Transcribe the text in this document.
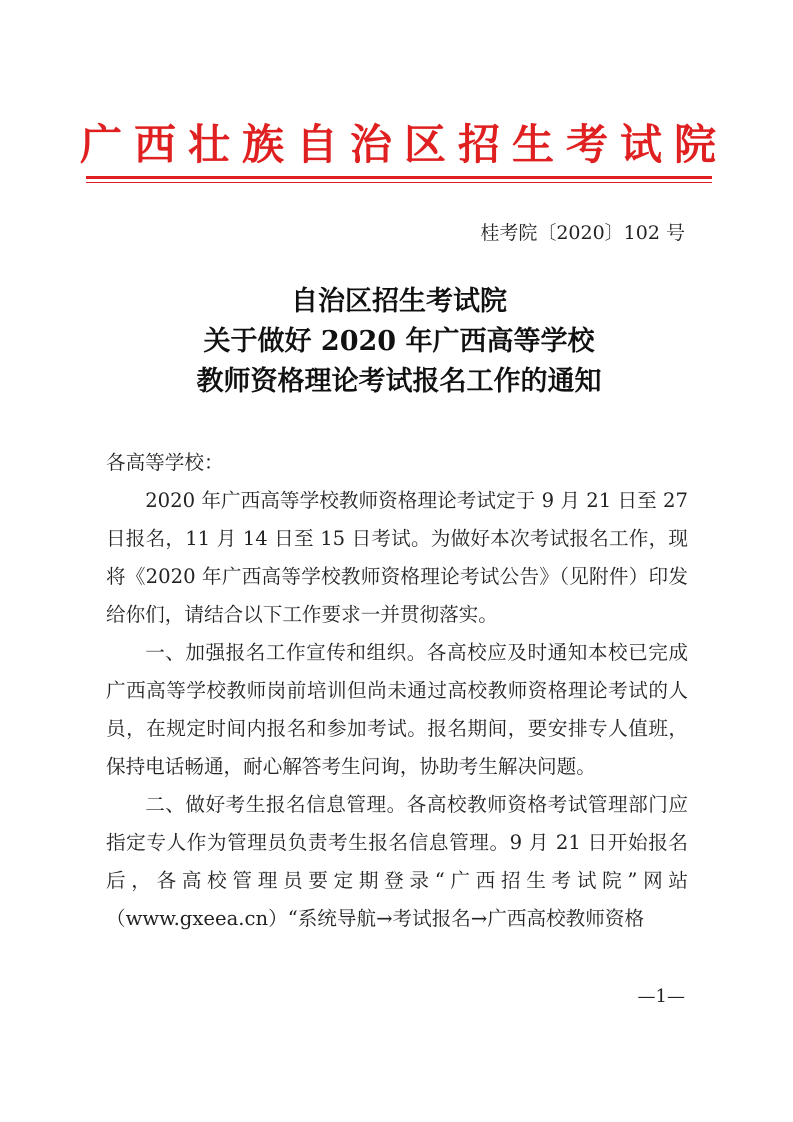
广西壮族自治区招生考试院
桂考院〔2020〕102 号
自治区招生考试院
关于做好 2020 年广西高等学校
教师资格理论考试报名工作的通知

各高等学校：

2020 年广西高等学校教师资格理论考试定于 9 月 21 日至 27 日报名，11 月 14 日至 15 日考试。为做好本次考试报名工作，现将《2020 年广西高等学校教师资格理论考试公告》（见附件）印发给你们，请结合以下工作要求一并贯彻落实。

一、加强报名工作宣传和组织。各高校应及时通知本校已完成广西高等学校教师岗前培训但尚未通过高校教师资格理论考试的人员，在规定时间内报名和参加考试。报名期间，要安排专人值班，保持电话畅通，耐心解答考生问询，协助考生解决问题。

二、做好考生报名信息管理。各高校教师资格考试管理部门应指定专人作为管理员负责考生报名信息管理。9 月 21 日开始报名后，各高校管理员要定期登录“广西招生考试院”网站（www.gxeea.cn）“系统导航→考试报名→广西高校教师资格

—1—
